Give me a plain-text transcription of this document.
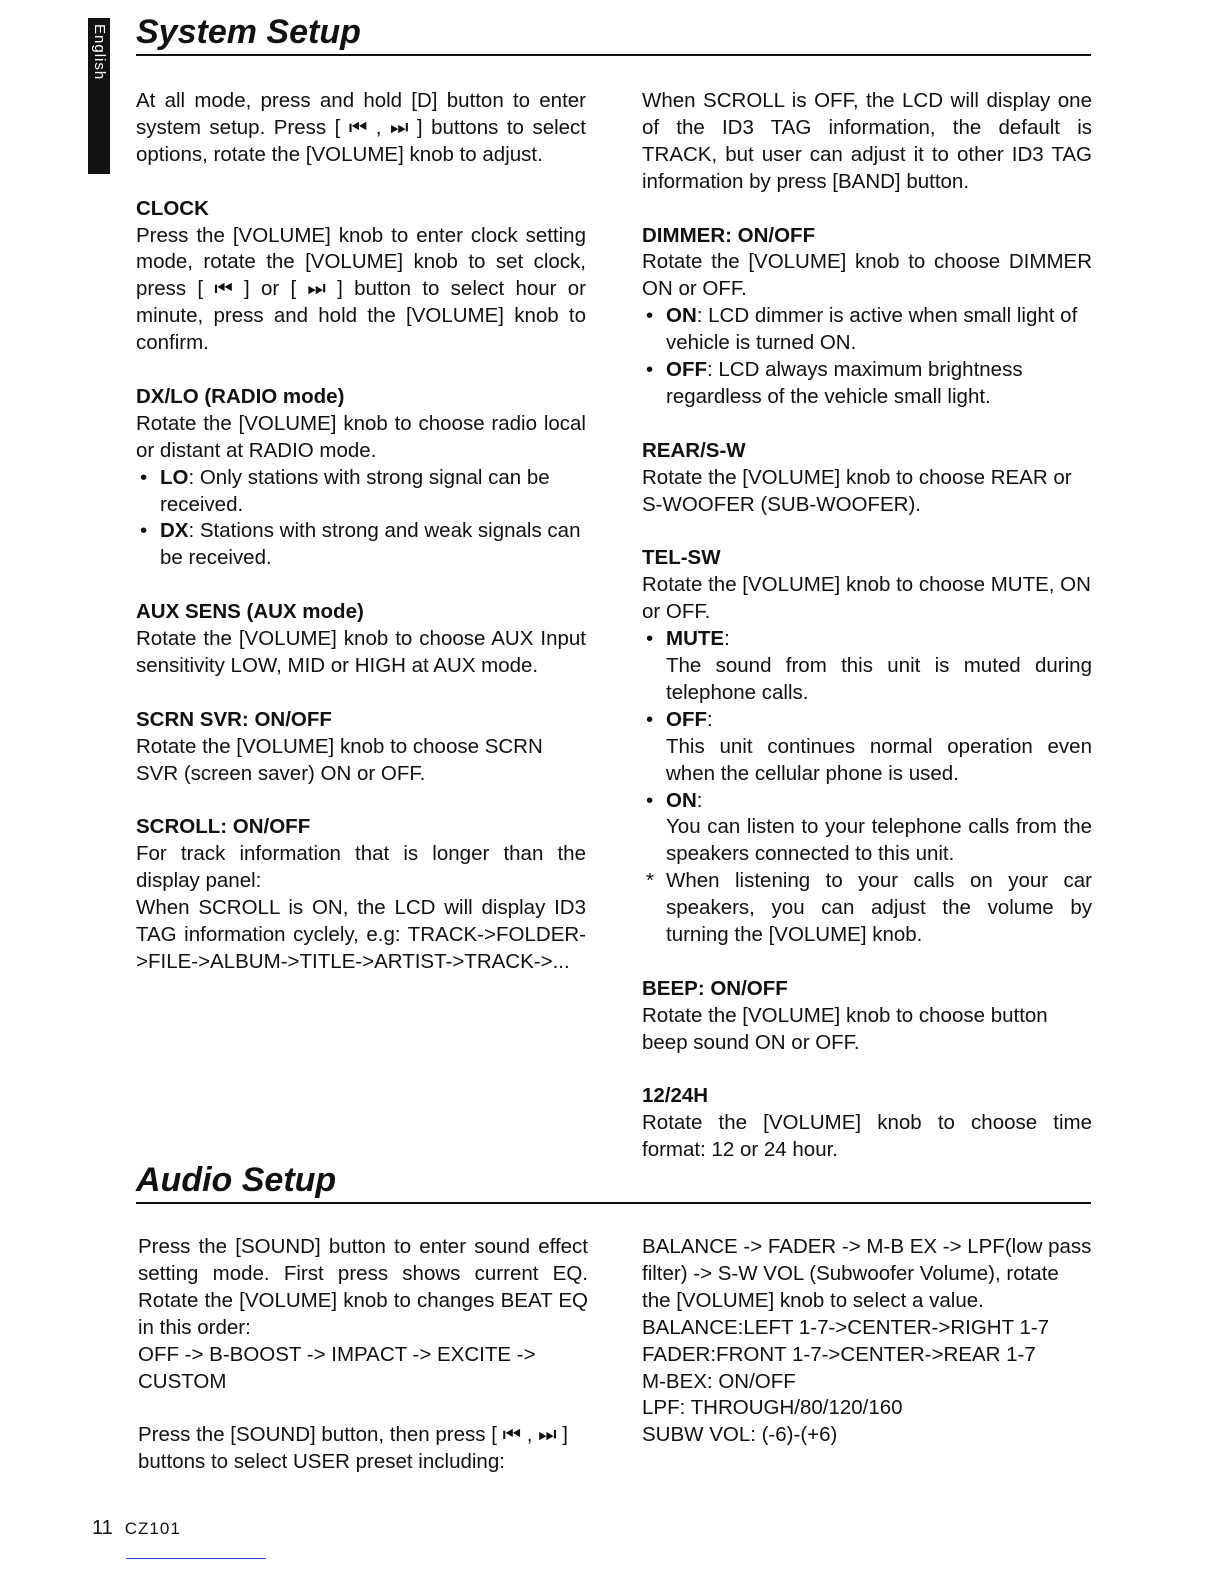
English System Setup

At all mode, press and hold [D] button to enter system setup. Press [ ⏮ , ⏭ ] buttons to select options, rotate the [VOLUME] knob to adjust.

CLOCK

Press the [VOLUME] knob to enter clock setting mode, rotate the [VOLUME] knob to set clock, press [ ⏮ ] or [ ⏭ ] button to select hour or minute, press and hold the [VOLUME] knob to confirm.

DX/LO (RADIO mode)

Rotate the [VOLUME] knob to choose radio local or distant at RADIO mode.

• LO: Only stations with strong signal can be received.
• DX: Stations with strong and weak signals can be received.
AUX SENS (AUX mode)

Rotate the [VOLUME] knob to choose AUX Input sensitivity LOW, MID or HIGH at AUX mode.

SCRN SVR: ON/OFF

Rotate the [VOLUME] knob to choose SCRN SVR (screen saver) ON or OFF.

SCROLL: ON/OFF

For track information that is longer than the display panel:

When SCROLL is ON, the LCD will display ID3 TAG information cyclely, e.g: TRACK->FOLDER->FILE->ALBUM->TITLE->ARTIST->TRACK->...

When SCROLL is OFF, the LCD will display one of the ID3 TAG information, the default is TRACK, but user can adjust it to other ID3 TAG information by press [BAND] button.

DIMMER: ON/OFF

Rotate the [VOLUME] knob to choose DIMMER ON or OFF.

• ON: LCD dimmer is active when small light of vehicle is turned ON.
• OFF: LCD always maximum brightness regardless of the vehicle small light.
REAR/S-W

Rotate the [VOLUME] knob to choose REAR or S-WOOFER (SUB-WOOFER).

TEL-SW

Rotate the [VOLUME] knob to choose MUTE, ON or OFF.

• MUTE:
The sound from this unit is muted during telephone calls.
• OFF:
This unit continues normal operation even when the cellular phone is used.
• ON:
You can listen to your telephone calls from the speakers connected to this unit.
* When listening to your calls on your car speakers, you can adjust the volume by turning the [VOLUME] knob.
BEEP: ON/OFF

Rotate the [VOLUME] knob to choose button beep sound ON or OFF.

12/24H

Rotate the [VOLUME] knob to choose time format: 12 or 24 hour.

Audio Setup

Press the [SOUND] button to enter sound effect setting mode. First press shows current EQ. Rotate the [VOLUME] knob to changes BEAT EQ in this order:

OFF -> B-BOOST -> IMPACT -> EXCITE -> CUSTOM

Press the [SOUND] button, then press [ ⏮ , ⏭ ] buttons to select USER preset including:

BALANCE -> FADER -> M-B EX -> LPF(low pass filter) -> S-W VOL (Subwoofer Volume), rotate the [VOLUME] knob to select a value.

BALANCE:LEFT 1-7->CENTER->RIGHT 1-7

FADER:FRONT 1-7->CENTER->REAR 1-7

M-BEX: ON/OFF

LPF: THROUGH/80/120/160

SUBW VOL: (-6)-(+6)

11 CZ101
